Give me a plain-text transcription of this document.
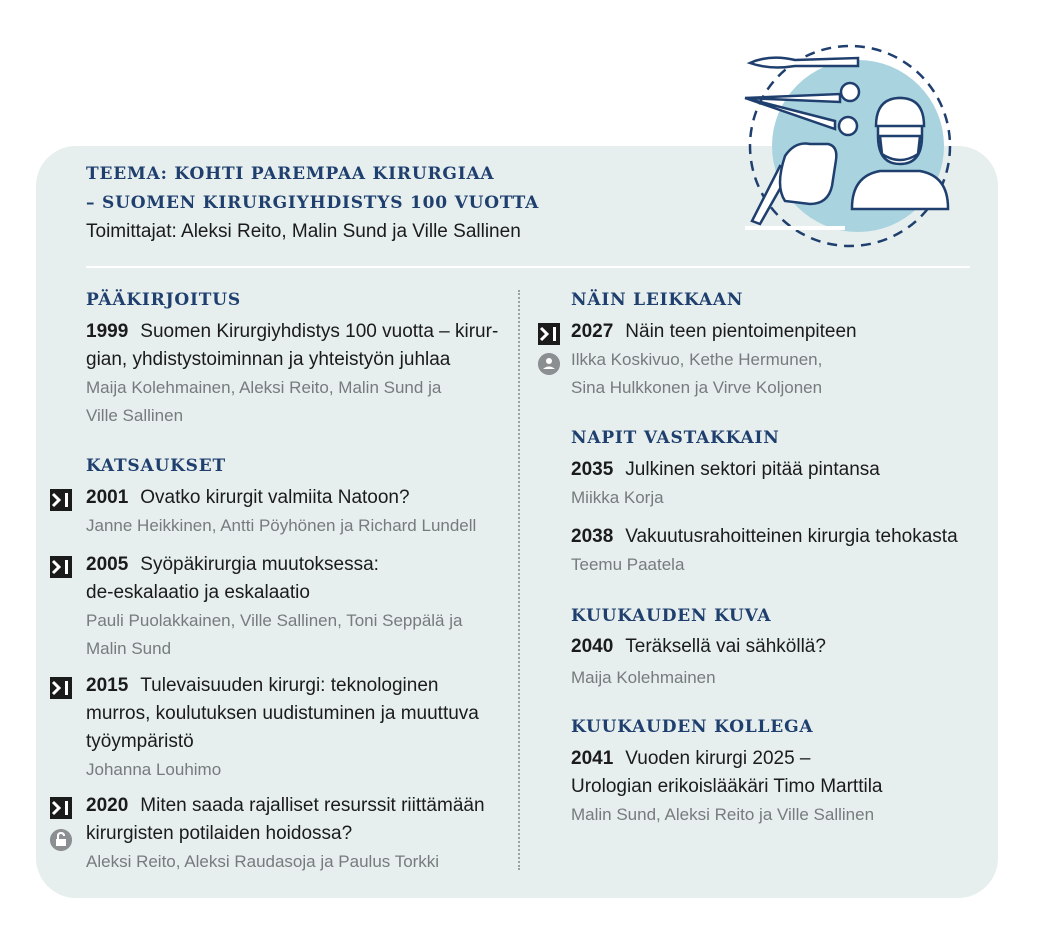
TEEMA: KOHTI PAREMPAA KIRURGIAA
– SUOMEN KIRURGIYHDISTYS 100 VUOTTA
Toimittajat: Aleksi Reito, Malin Sund ja Ville Sallinen
PÄÄKIRJOITUS
1999 Suomen Kirurgiyhdistys 100 vuotta – kirur-
gian, yhdistystoiminnan ja yhteistyön juhlaa
Maija Kolehmainen, Aleksi Reito, Malin Sund ja
Ville Sallinen
KATSAUKSET
2001 Ovatko kirurgit valmiita Natoon?
Janne Heikkinen, Antti Pöyhönen ja Richard Lundell
2005 Syöpäkirurgia muutoksessa:
de-eskalaatio ja eskalaatio
Pauli Puolakkainen, Ville Sallinen, Toni Seppälä ja
Malin Sund
2015 Tulevaisuuden kirurgi: teknologinen
murros, koulutuksen uudistuminen ja muuttuva
työympäristö
Johanna Louhimo
2020 Miten saada rajalliset resurssit riittämään
kirurgisten potilaiden hoidossa?
Aleksi Reito, Aleksi Raudasoja ja Paulus Torkki
NÄIN LEIKKAAN
2027 Näin teen pientoimenpiteen
Ilkka Koskivuo, Kethe Hermunen,
Sina Hulkkonen ja Virve Koljonen
NAPIT VASTAKKAIN
2035 Julkinen sektori pitää pintansa
Miikka Korja
2038 Vakuutusrahoitteinen kirurgia tehokasta
Teemu Paatela
KUUKAUDEN KUVA
2040 Teräksellä vai sähköllä?
Maija Kolehmainen
KUUKAUDEN KOLLEGA
2041 Vuoden kirurgi 2025 –
Urologian erikoislääkäri Timo Marttila
Malin Sund, Aleksi Reito ja Ville Sallinen
